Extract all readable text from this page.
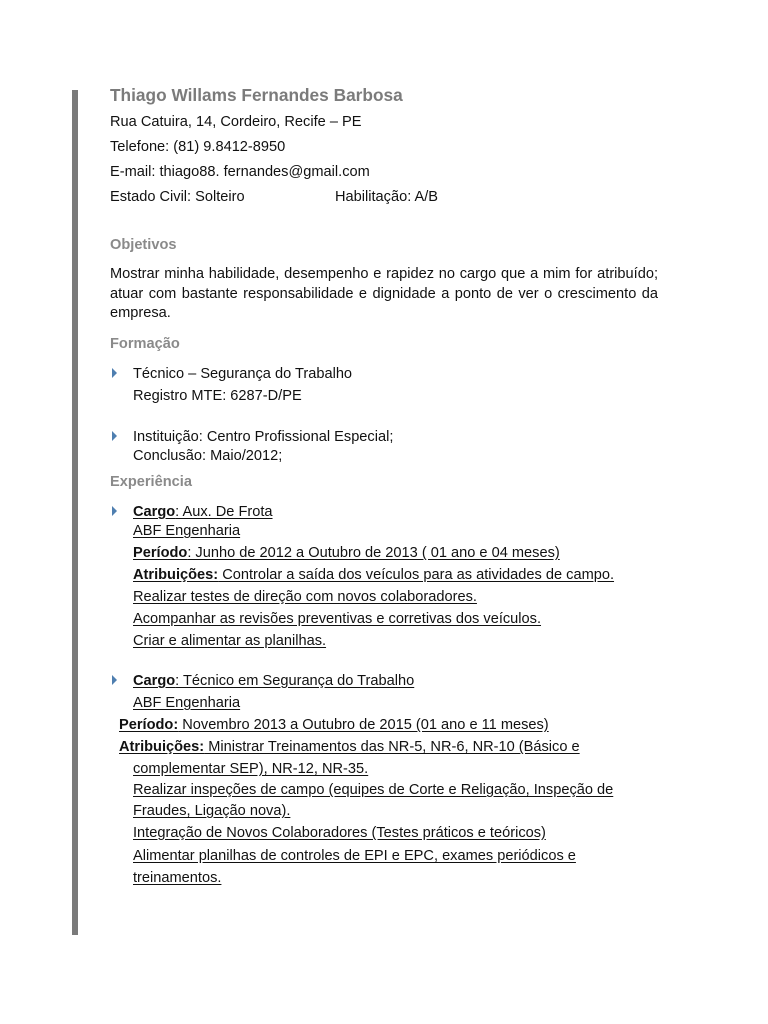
Thiago Willams Fernandes Barbosa
Rua Catuira, 14, Cordeiro, Recife – PE
Telefone: (81) 9.8412-8950
E-mail: thiago88. fernandes@gmail.com
Estado Civil: Solteiro	Habilitação: A/B
Objetivos
Mostrar minha habilidade, desempenho e rapidez no cargo que a mim for atribuído; atuar com bastante responsabilidade e dignidade a ponto de ver o crescimento da empresa.
Formação
Técnico – Segurança do Trabalho
Registro MTE: 6287-D/PE
Instituição: Centro Profissional Especial;
Conclusão: Maio/2012;
Experiência
Cargo: Aux. De Frota
ABF Engenharia
Período: Junho de 2012 a Outubro de 2013 ( 01 ano e 04 meses)
Atribuições: Controlar a saída dos veículos para as atividades de campo.
Realizar testes de direção com novos colaboradores.
Acompanhar as revisões preventivas e corretivas dos veículos.
Criar e alimentar as planilhas.
Cargo: Técnico em Segurança do Trabalho
ABF Engenharia
Período: Novembro 2013 a Outubro de 2015 (01 ano e 11 meses)
Atribuições: Ministrar Treinamentos das NR-5, NR-6, NR-10 (Básico e
complementar SEP), NR-12, NR-35.
Realizar inspeções de campo (equipes de Corte e Religação, Inspeção de
Fraudes, Ligação nova).
Integração de Novos Colaboradores (Testes práticos e teóricos)
Alimentar planilhas de controles de EPI e EPC, exames periódicos e
treinamentos.
